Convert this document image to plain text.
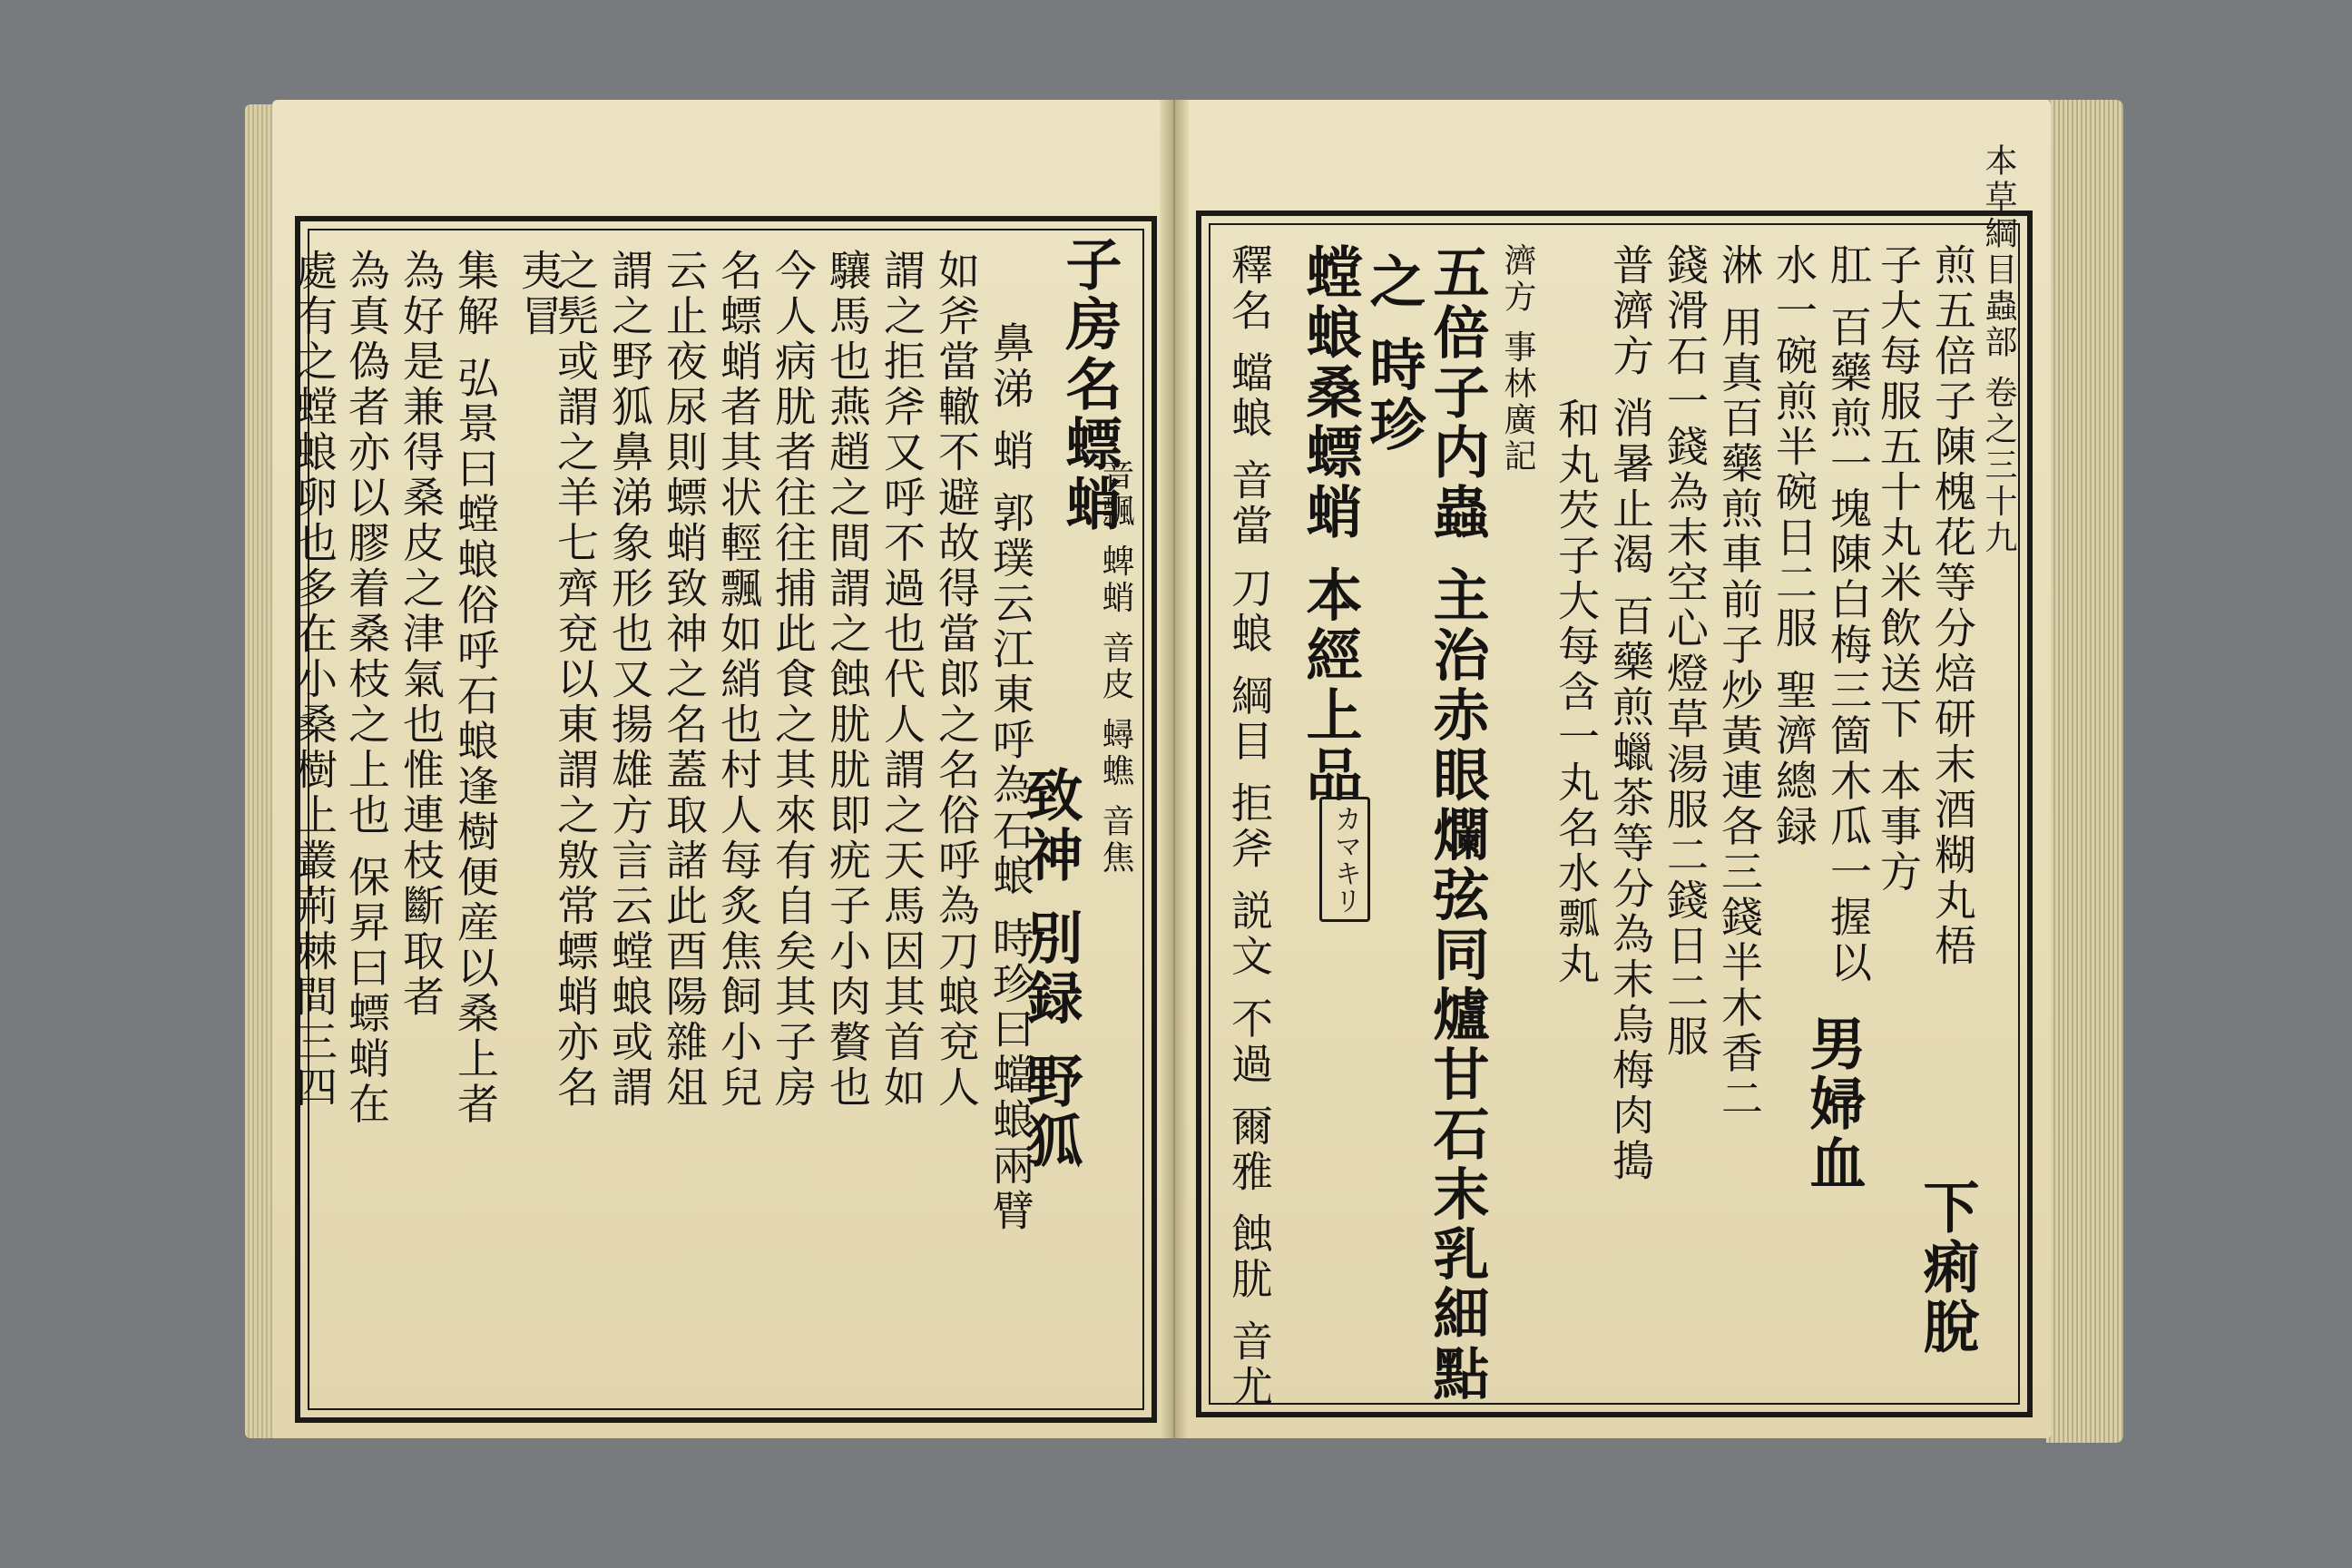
子房名螵蛸
音飄 蜱蛸 音皮 蟳蟭 音焦
致神 別録 野狐
鼻涕 蛸 郭璞云江東呼為石蜋 時珍曰蟷蜋兩臂
如斧當轍不避故得當郎之名俗呼為刀蜋兗人
謂之拒斧又呼不過也代人謂之天馬因其首如
驤馬也燕趙之間謂之蝕肬肬即疣子小肉贅也
今人病肬者往往捕此食之其來有自矣其子房
名螵蛸者其状輕飄如綃也村人每炙焦飼小兒
云止夜尿則螵蛸致神之名蓋取諸此酉陽雜俎
謂之野狐鼻涕象形也又揚雄方言云螳蜋或謂
之髡或謂之羊七齊兗以東謂之敫常螵蛸亦名
夷冒
集解 弘景曰螳蜋俗呼石蜋逢樹便産以桑上者
為好是兼得桑皮之津氣也惟連枝斷取者
為真偽者亦以膠着桑枝之上也 保昇曰螵蛸在
處有之螳蜋卵也多在小桑樹上叢荊棘間三四	本草綱目蟲部 卷之三十九
煎五倍子陳槐花等分焙研末酒糊丸梧
子大每服五十丸米飲送下 本事方
下痢脫
肛 百藥煎一塊陳白梅三箇木瓜一握以
水一碗煎半碗日二服 聖濟總録
男婦血
淋 用真百藥煎車前子炒黃連各三錢半木香二
錢滑石一錢為末空心燈草湯服二錢日二服
普濟方 消暑止渴 百藥煎蠟茶等分為末烏梅肉搗
和丸芡子大每含一丸名水瓢丸
濟方 事林廣記
五倍子内蟲 主治赤眼爛弦同爐甘石末乳細點
之 時珍
螳蜋桑螵蛸 本經上品
釋名 蟷蜋 音當 刀蜋 綱目 拒斧 説文 不過 爾雅 蝕肬 音尤	カマキリ
